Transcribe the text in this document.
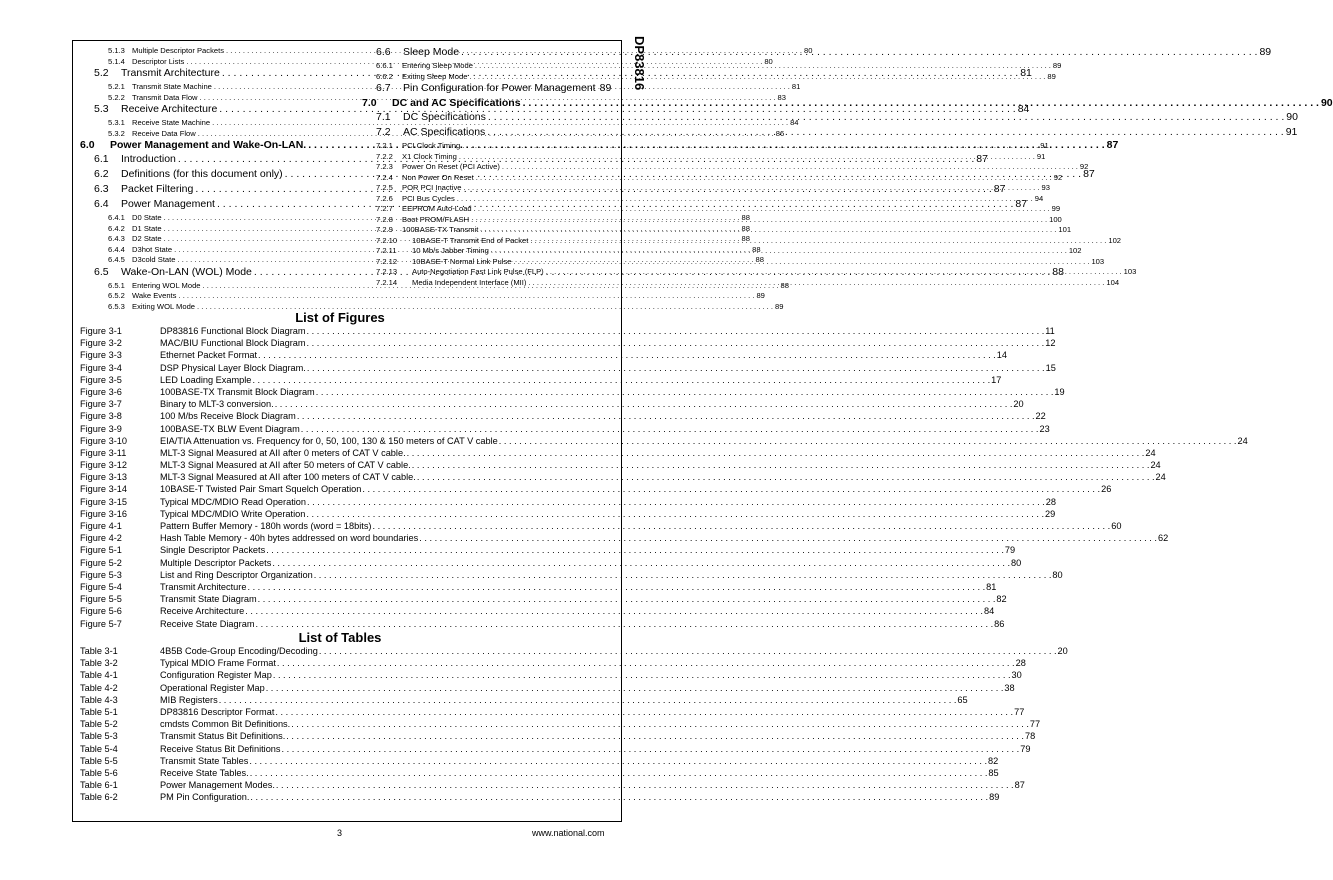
DP83816
5.1.3 Multiple Descriptor Packets . . .	80
5.1.4 Descriptor Lists . . .	80
5.2	Transmit Architecture . . .	81
5.2.1 Transmit State Machine . . .	81
5.2.2 Transmit Data Flow . . .	83
5.3	Receive Architecture . . .	84
5.3.1 Receive State Machine . . .	84
5.3.2 Receive Data Flow . . .	86
6.0	Power Management and Wake-On-LAN. . . .	87
6.1	Introduction . . .	87
6.2	Definitions (for this document only) . . .	87
6.3	Packet Filtering . . .	87
6.4	Power Management . . .	87
6.4.1 D0 State . . .	88
6.4.2 D1 State . . .	88
6.4.3 D2 State . . .	88
6.4.4 D3hot State . . .	88
6.4.5 D3cold State . . .	88
6.5	Wake-On-LAN (WOL) Mode . . .	88
6.5.1 Entering WOL Mode . . .	88
6.5.2 Wake Events . . .	89
6.5.3 Exiting WOL Mode . . .	89
6.6	Sleep Mode . . .	89
6.6.1	Entering Sleep Mode . . .	89
6.6.2	Exiting Sleep Mode . . .	89
6.7	Pin Configuration for Power Management 89
7.0	DC and AC Specifications . . .	90
7.1	DC Specifications . . .	90
7.2	AC Specifications . . .	91
7.2.1	PCI Clock Timing . . .	91
7.2.2	X1 Clock Timing . . .	91
7.2.3	Power On Reset (PCI Active) . . .	92
7.2.4	Non Power On Reset . . .	92
7.2.5	POR PCI Inactive . . .	93
7.2.6	PCI Bus Cycles . . .	94
7.2.7	EEPROM Auto-Load . . .	99
7.2.8	Boot PROM/FLASH . . .	100
7.2.9	100BASE-TX Transmit . . .	101
7.2.10	10BASE-T Transmit End of Packet . . .	102
7.2.11	10 Mb/s Jabber Timing . . .	102
7.2.12	10BASE-T Normal Link Pulse . . .	103
7.2.13	Auto-Negotiation Fast Link Pulse (FLP) . . .	103
7.2.14	Media Independent Interface (MII) . . .	104
List of Figures
Figure 3-1	DP83816 Functional Block Diagram . . .	11
Figure 3-2	MAC/BIU Functional Block Diagram . . .	12
Figure 3-3	Ethernet Packet Format . . .	14
Figure 3-4	DSP Physical Layer Block Diagram. . . .	15
Figure 3-5	LED Loading Example . . .	17
Figure 3-6	100BASE-TX Transmit Block Diagram . . .	19
Figure 3-7	Binary to MLT-3 conversion. . . .	20
Figure 3-8	100 M/bs Receive Block Diagram . . .	22
Figure 3-9	100BASE-TX BLW Event Diagram . . .	23
Figure 3-10	EIA/TIA Attenuation vs. Frequency for 0, 50, 100, 130 & 150 meters of CAT V cable . . .	24
Figure 3-11	MLT-3 Signal Measured at AII after 0 meters of CAT V cable. . . .	24
Figure 3-12	MLT-3 Signal Measured at AII after 50 meters of CAT V cable. . . .	24
Figure 3-13	MLT-3 Signal Measured at AII after 100 meters of CAT V cable. . . .	24
Figure 3-14	10BASE-T Twisted Pair Smart Squelch Operation . . .	26
Figure 3-15	Typical MDC/MDIO Read Operation . . .	28
Figure 3-16	Typical MDC/MDIO Write Operation . . .	29
Figure 4-1	Pattern Buffer Memory - 180h words (word = 18bits) . . .	60
Figure 4-2	Hash Table Memory - 40h bytes addressed on word boundaries . . .	62
Figure 5-1	Single Descriptor Packets . . .	79
Figure 5-2	Multiple Descriptor Packets . . .	80
Figure 5-3	List and Ring Descriptor Organization . . .	80
Figure 5-4	Transmit Architecture . . .	81
Figure 5-5	Transmit State Diagram . . .	82
Figure 5-6	Receive Architecture . . .	84
Figure 5-7	Receive State Diagram . . .	86
List of Tables
Table 3-1	4B5B Code-Group Encoding/Decoding . . .	20
Table 3-2	Typical MDIO Frame Format . . .	28
Table 4-1	Configuration Register Map . . .	30
Table 4-2	Operational Register Map . . .	38
Table 4-3	MIB Registers . . .	65
Table 5-1	DP83816 Descriptor Format . . .	77
Table 5-2	cmdsts Common Bit Definitions. . . .	77
Table 5-3	Transmit Status Bit Definitions. . . .	78
Table 5-4	Receive Status Bit Definitions . . .	79
Table 5-5	Transmit State Tables . . .	82
Table 5-6	Receive State Tables. . . .	85
Table 6-1	Power Management Modes. . . .	87
Table 6-2	PM Pin Configuration. . . .	89
3	www.national.com
